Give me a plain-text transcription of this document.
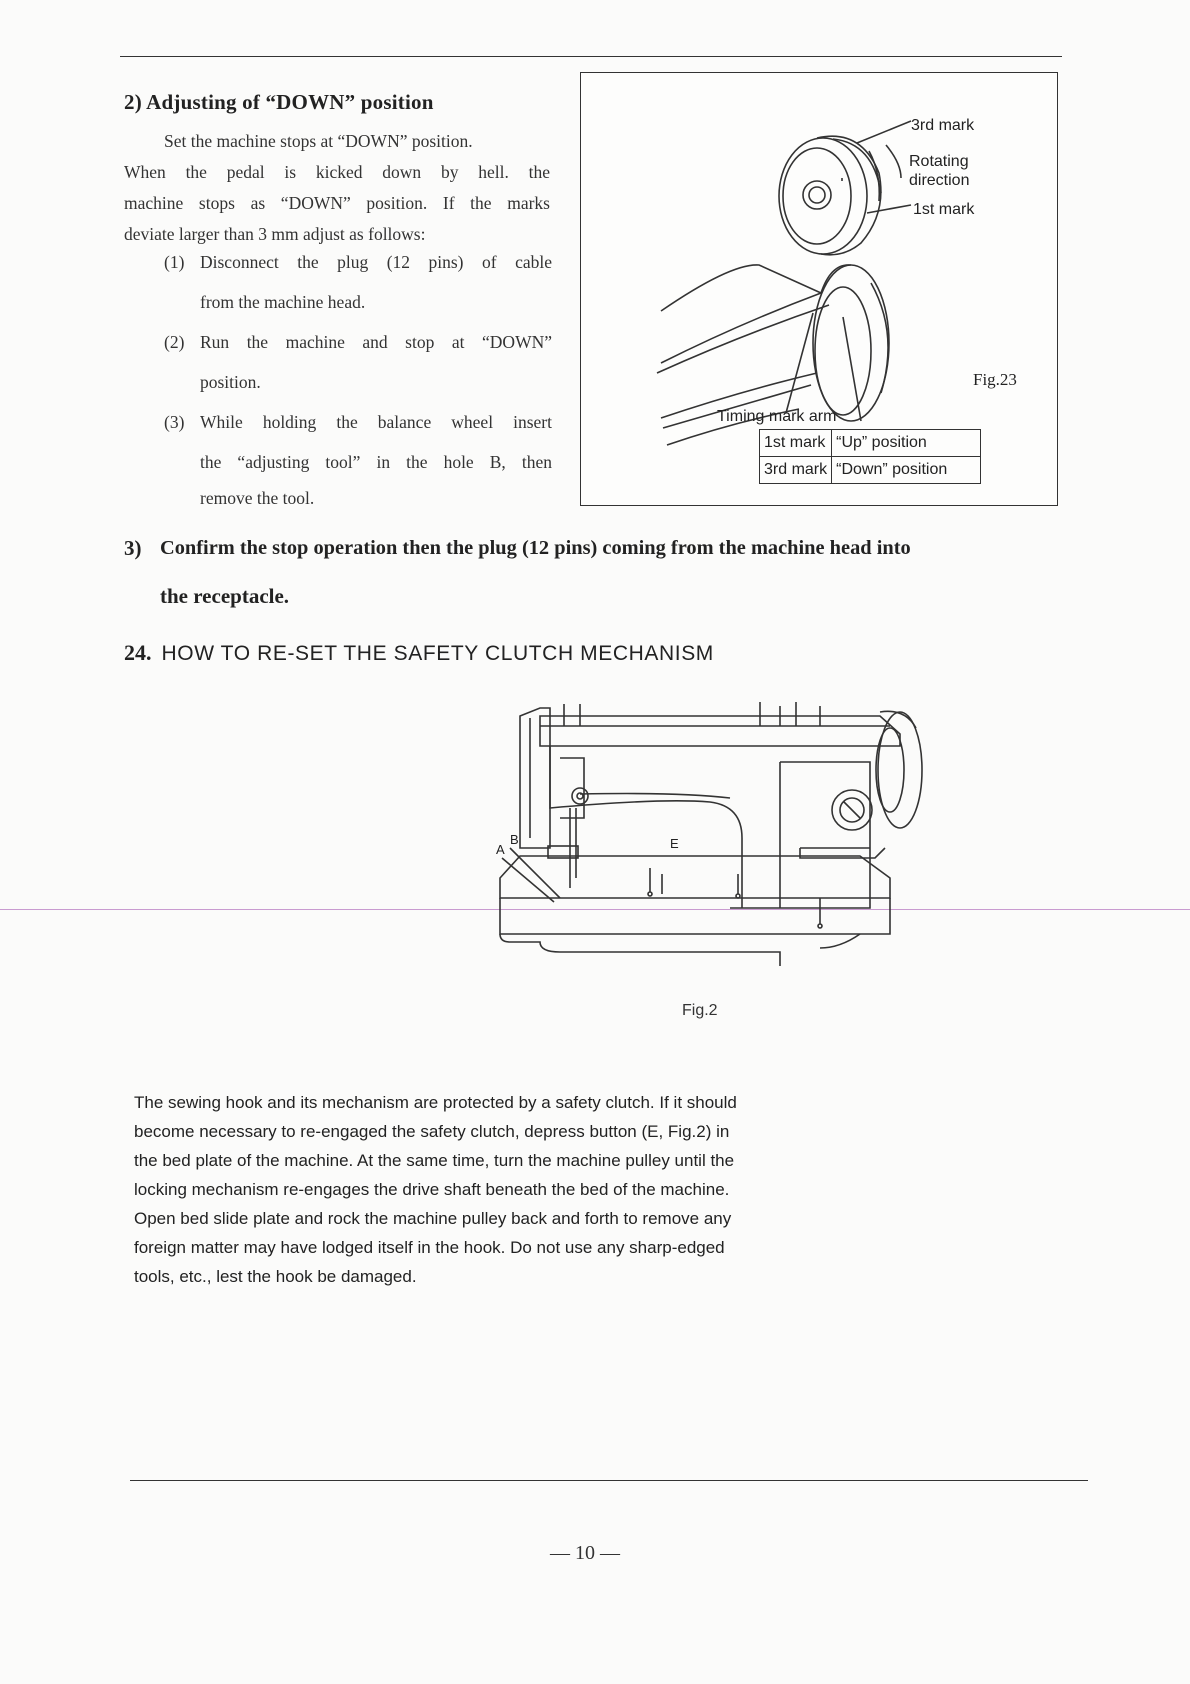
2) Adjusting of “DOWN” position
Set the machine stops at “DOWN” position.
When the pedal is kicked down by hell. the
machine stops as “DOWN” position. If the marks
deviate larger than 3 mm adjust as follows:
(1) Disconnect the plug (12 pins) of cable
from the machine head.
(2) Run the machine and stop at “DOWN”
position.
(3) While holding the balance wheel insert
the “adjusting tool” in the hole B, then
remove the tool.
3rd mark
Rotating
direction
1st mark
Timing mark arm
Fig.23
1st mark	“Up” position
3rd mark	“Down” position
3) Confirm the stop operation then the plug (12 pins) coming from the machine head into
the receptacle.
24. HOW TO RE-SET THE SAFETY CLUTCH MECHANISM
A
B	E
Fig.2
The sewing hook and its mechanism are protected by a safety clutch. If it should
become necessary to re-engaged the safety clutch, depress button (E, Fig.2) in
the bed plate of the machine. At the same time, turn the machine pulley until the
locking mechanism re-engages the drive shaft beneath the bed of the machine.
Open bed slide plate and rock the machine pulley back and forth to remove any
foreign matter may have lodged itself in the hook. Do not use any sharp-edged
tools, etc., lest the hook be damaged.
— 10 —
